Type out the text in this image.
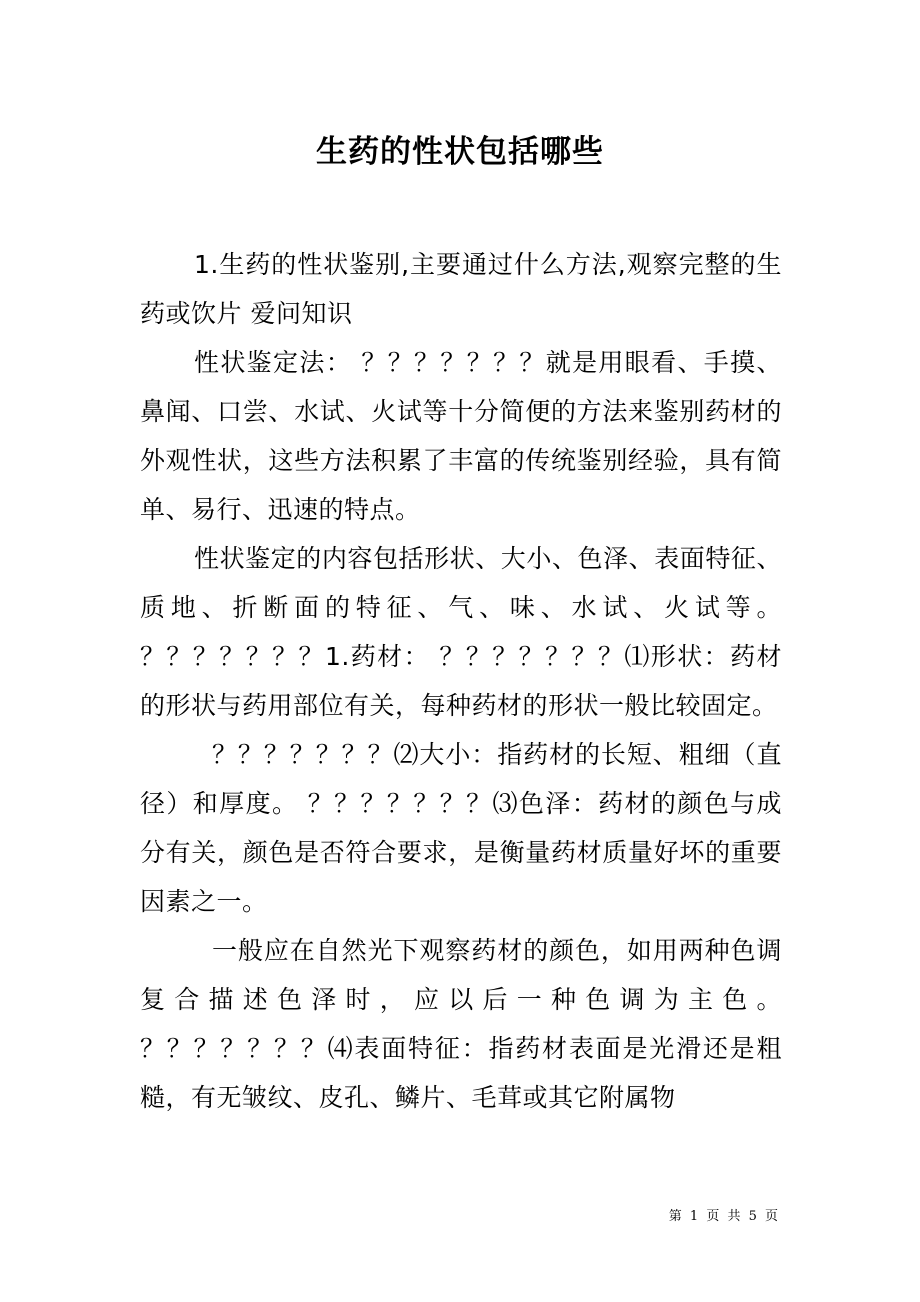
生药的性状包括哪些

1.生药的性状鉴别,主要通过什么方法,观察完整的生药或饮片 爱问知识

性状鉴定法： ？？？？？？？就是用眼看、手摸、鼻闻、口尝、水试、火试等十分简便的方法来鉴别药材的外观性状，这些方法积累了丰富的传统鉴别经验，具有简单、易行、迅速的特点。

性状鉴定的内容包括形状、大小、色泽、表面特征、质地、折断面的特征、气、味、水试、火试等。 ？？？？？？？1.药材： ？？？？？？？⑴形状：药材的形状与药用部位有关，每种药材的形状一般比较固定。

？？？？？？？⑵大小：指药材的长短、粗细（直径）和厚度。 ？？？？？？？⑶色泽：药材的颜色与成分有关，颜色是否符合要求，是衡量药材质量好坏的重要因素之一。

一般应在自然光下观察药材的颜色，如用两种色调复合描述色泽时，应以后一种色调为主色。 ？？？？？？？⑷表面特征：指药材表面是光滑还是粗糙，有无皱纹、皮孔、鳞片、毛茸或其它附属物

第 1 页 共 5 页
